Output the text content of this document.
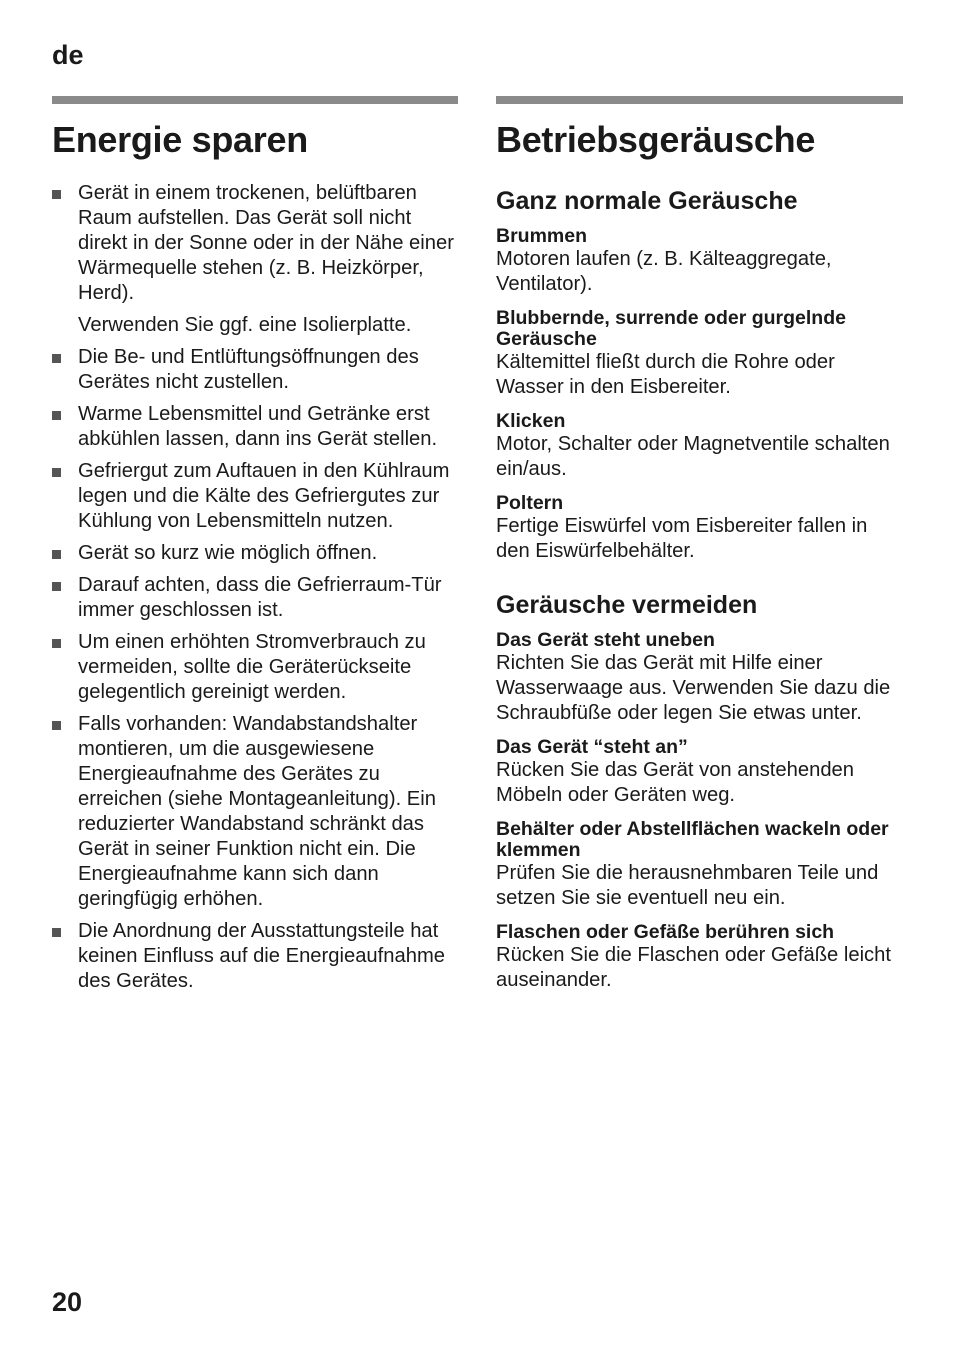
de
Energie sparen
Gerät in einem trockenen, belüftbaren Raum aufstellen. Das Gerät soll nicht direkt in der Sonne oder in der Nähe einer Wärmequelle stehen (z. B. Heizkörper, Herd).
Verwenden Sie ggf. eine Isolierplatte.
Die Be- und Entlüftungsöffnungen des Gerätes nicht zustellen.
Warme Lebensmittel und Getränke erst abkühlen lassen, dann ins Gerät stellen.
Gefriergut zum Auftauen in den Kühlraum legen und die Kälte des Gefriergutes zur Kühlung von Lebensmitteln nutzen.
Gerät so kurz wie möglich öffnen.
Darauf achten, dass die Gefrierraum-Tür immer geschlossen ist.
Um einen erhöhten Stromverbrauch zu vermeiden, sollte die Geräterückseite gelegentlich gereinigt werden.
Falls vorhanden: Wandabstandshalter montieren, um die ausgewiesene Energieaufnahme des Gerätes zu erreichen (siehe Montageanleitung). Ein reduzierter Wandabstand schränkt das Gerät in seiner Funktion nicht ein. Die Energieaufnahme kann sich dann geringfügig erhöhen.
Die Anordnung der Ausstattungsteile hat keinen Einfluss auf die Energieaufnahme des Gerätes.
Betriebsgeräusche
Ganz normale Geräusche
Brummen
Motoren laufen (z. B. Kälteaggregate, Ventilator).
Blubbernde, surrende oder gurgelnde Geräusche
Kältemittel fließt durch die Rohre oder Wasser in den Eisbereiter.
Klicken
Motor, Schalter oder Magnetventile schalten ein/aus.
Poltern
Fertige Eiswürfel vom Eisbereiter fallen in den Eiswürfelbehälter.
Geräusche vermeiden
Das Gerät steht uneben
Richten Sie das Gerät mit Hilfe einer Wasserwaage aus. Verwenden Sie dazu die Schraubfüße oder legen Sie etwas unter.
Das Gerät “steht an”
Rücken Sie das Gerät von anstehenden Möbeln oder Geräten weg.
Behälter oder Abstellflächen wackeln oder klemmen
Prüfen Sie die herausnehmbaren Teile und setzen Sie sie eventuell neu ein.
Flaschen oder Gefäße berühren sich
Rücken Sie die Flaschen oder Gefäße leicht auseinander.
20
